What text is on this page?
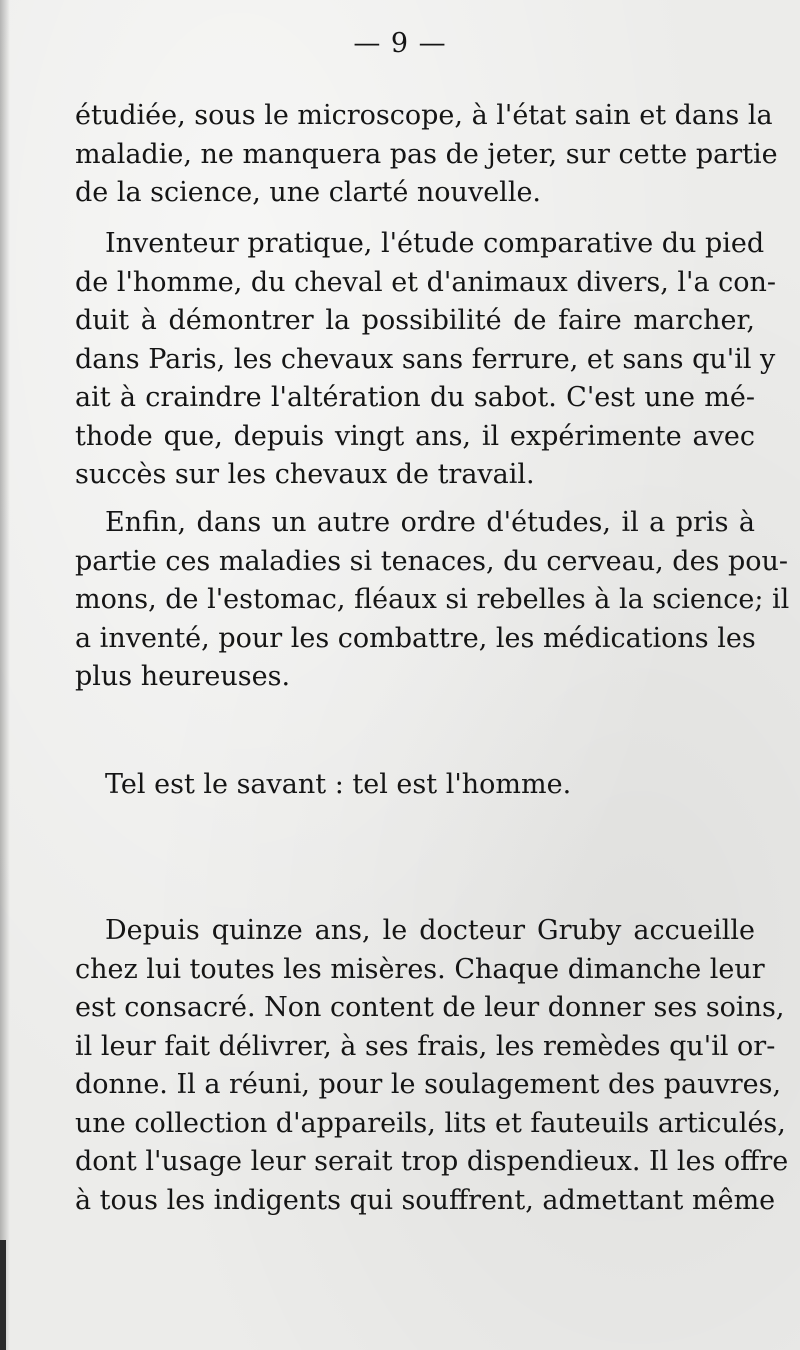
— 9 —
étudiée, sous le microscope, à l'état sain et dans la
maladie, ne manquera pas de jeter, sur cette partie
de la science, une clarté nouvelle.
Inventeur pratique, l'étude comparative du pied
de l'homme, du cheval et d'animaux divers, l'a con-
duit à démontrer la possibilité de faire marcher,
dans Paris, les chevaux sans ferrure, et sans qu'il y
ait à craindre l'altération du sabot. C'est une mé-
thode que, depuis vingt ans, il expérimente avec
succès sur les chevaux de travail.
Enfin, dans un autre ordre d'études, il a pris à
partie ces maladies si tenaces, du cerveau, des pou-
mons, de l'estomac, fléaux si rebelles à la science; il
a inventé, pour les combattre, les médications les
plus heureuses.
Tel est le savant : tel est l'homme.
Depuis quinze ans, le docteur Gruby accueille
chez lui toutes les misères. Chaque dimanche leur
est consacré. Non content de leur donner ses soins,
il leur fait délivrer, à ses frais, les remèdes qu'il or-
donne. Il a réuni, pour le soulagement des pauvres,
une collection d'appareils, lits et fauteuils articulés,
dont l'usage leur serait trop dispendieux. Il les offre
à tous les indigents qui souffrent, admettant même
